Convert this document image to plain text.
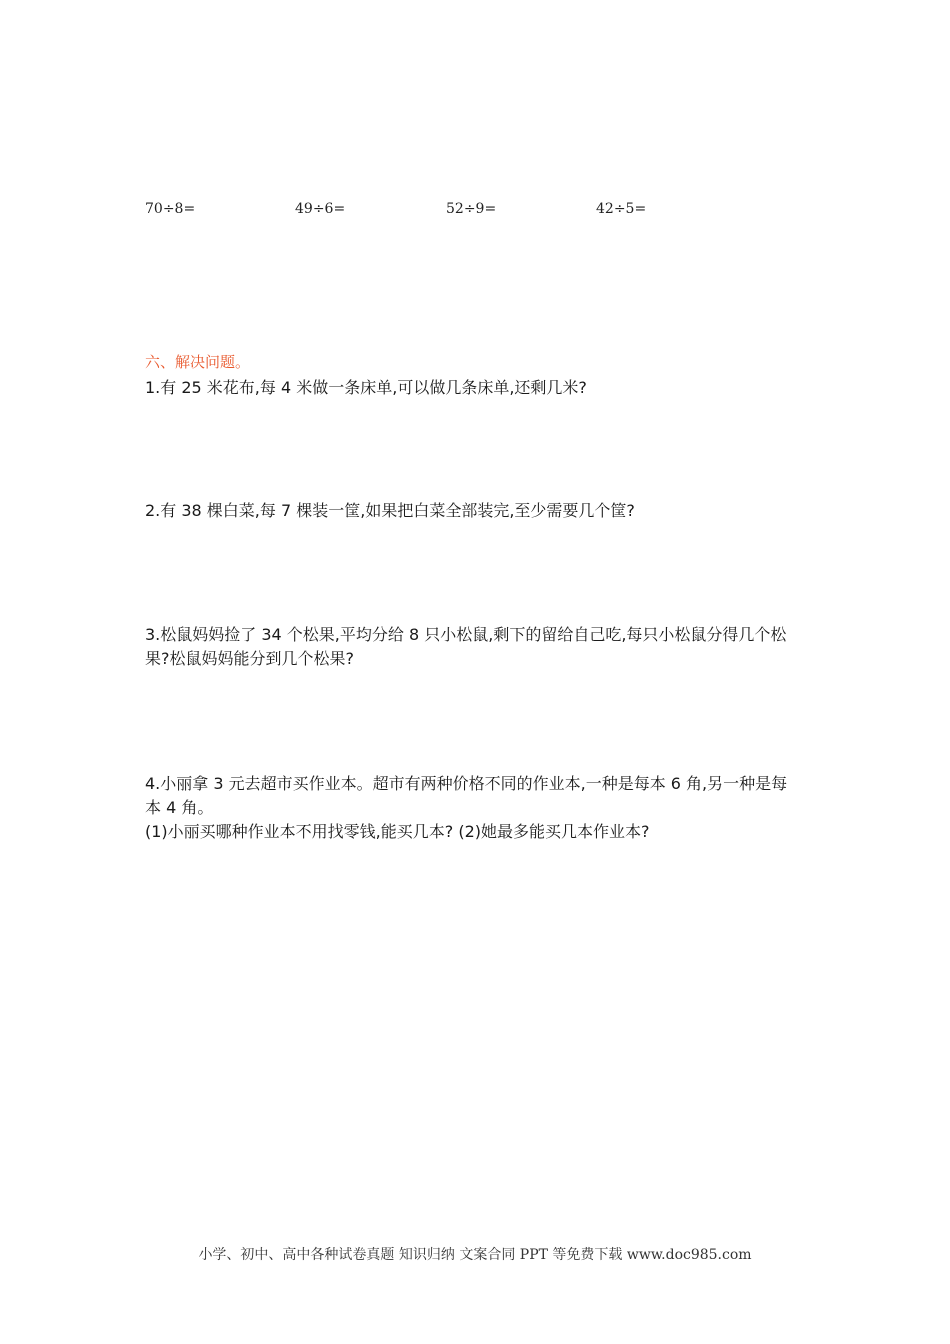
70÷8=	49÷6=	52÷9=	42÷5=
六、解决问题。

1.有 25 米花布,每 4 米做一条床单,可以做几条床单,还剩几米?

2.有 38 棵白菜,每 7 棵装一筐,如果把白菜全部装完,至少需要几个筐?

3.松鼠妈妈捡了 34 个松果,平均分给 8 只小松鼠,剩下的留给自己吃,每只小松鼠分得几个松

果?松鼠妈妈能分到几个松果?

4.小丽拿 3 元去超市买作业本。超市有两种价格不同的作业本,一种是每本 6 角,另一种是每

本 4 角。

(1)小丽买哪种作业本不用找零钱,能买几本? (2)她最多能买几本作业本?

小学、初中、高中各种试卷真题 知识归纳 文案合同 PPT 等免费下载 www.doc985.com
